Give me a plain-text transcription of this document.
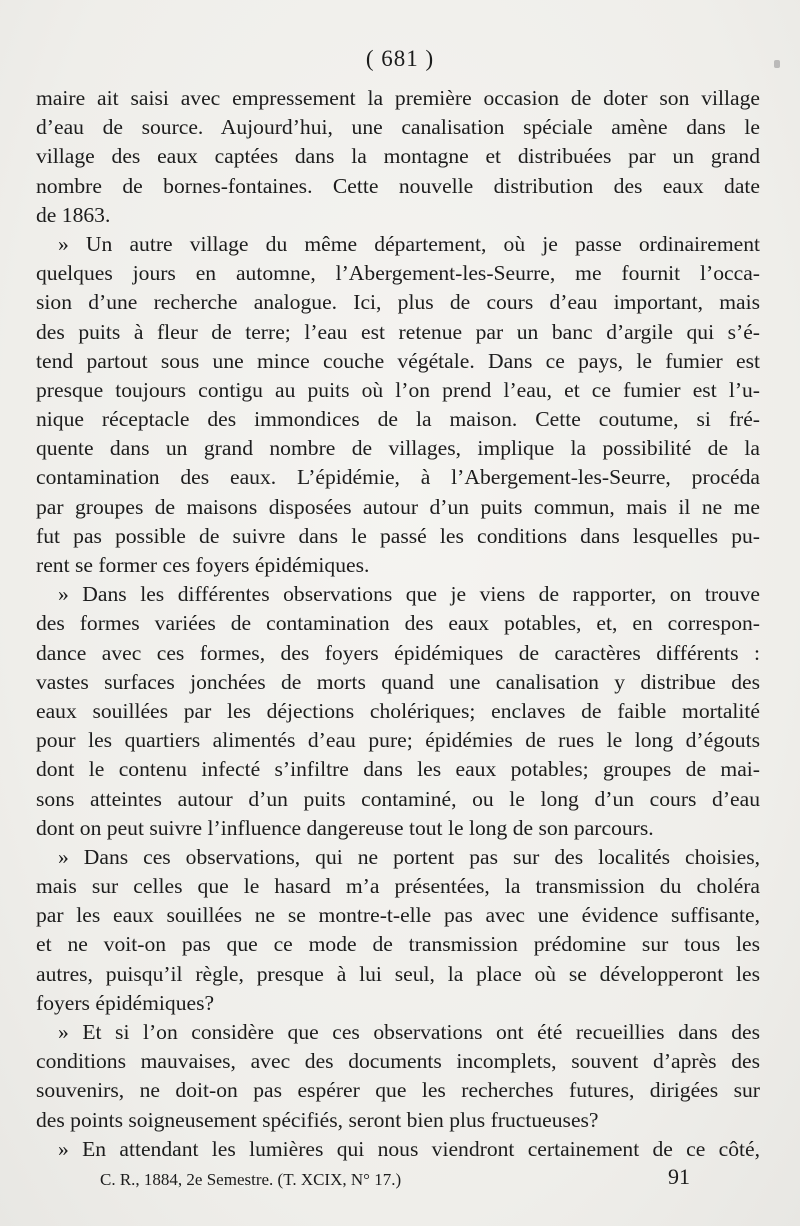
( 681 )
maire ait saisi avec empressement la première occasion de doter son village
d’eau de source. Aujourd’hui, une canalisation spéciale amène dans le
village des eaux captées dans la montagne et distribuées par un grand
nombre de bornes-fontaines. Cette nouvelle distribution des eaux date
de 1863.
» Un autre village du même département, où je passe ordinairement
quelques jours en automne, l’Abergement-les-Seurre, me fournit l’occa-
sion d’une recherche analogue. Ici, plus de cours d’eau important, mais
des puits à fleur de terre; l’eau est retenue par un banc d’argile qui s’é-
tend partout sous une mince couche végétale. Dans ce pays, le fumier est
presque toujours contigu au puits où l’on prend l’eau, et ce fumier est l’u-
nique réceptacle des immondices de la maison. Cette coutume, si fré-
quente dans un grand nombre de villages, implique la possibilité de la
contamination des eaux. L’épidémie, à l’Abergement-les-Seurre, procéda
par groupes de maisons disposées autour d’un puits commun, mais il ne me
fut pas possible de suivre dans le passé les conditions dans lesquelles pu-
rent se former ces foyers épidémiques.
» Dans les différentes observations que je viens de rapporter, on trouve
des formes variées de contamination des eaux potables, et, en correspon-
dance avec ces formes, des foyers épidémiques de caractères différents :
vastes surfaces jonchées de morts quand une canalisation y distribue des
eaux souillées par les déjections cholériques; enclaves de faible mortalité
pour les quartiers alimentés d’eau pure; épidémies de rues le long d’égouts
dont le contenu infecté s’infiltre dans les eaux potables; groupes de mai-
sons atteintes autour d’un puits contaminé, ou le long d’un cours d’eau
dont on peut suivre l’influence dangereuse tout le long de son parcours.
» Dans ces observations, qui ne portent pas sur des localités choisies,
mais sur celles que le hasard m’a présentées, la transmission du choléra
par les eaux souillées ne se montre-t-elle pas avec une évidence suffisante,
et ne voit-on pas que ce mode de transmission prédomine sur tous les
autres, puisqu’il règle, presque à lui seul, la place où se développeront les
foyers épidémiques?
» Et si l’on considère que ces observations ont été recueillies dans des
conditions mauvaises, avec des documents incomplets, souvent d’après des
souvenirs, ne doit-on pas espérer que les recherches futures, dirigées sur
des points soigneusement spécifiés, seront bien plus fructueuses?
» En attendant les lumières qui nous viendront certainement de ce côté,
C. R., 1884, 2e Semestre. (T. XCIX, N° 17.)	91
